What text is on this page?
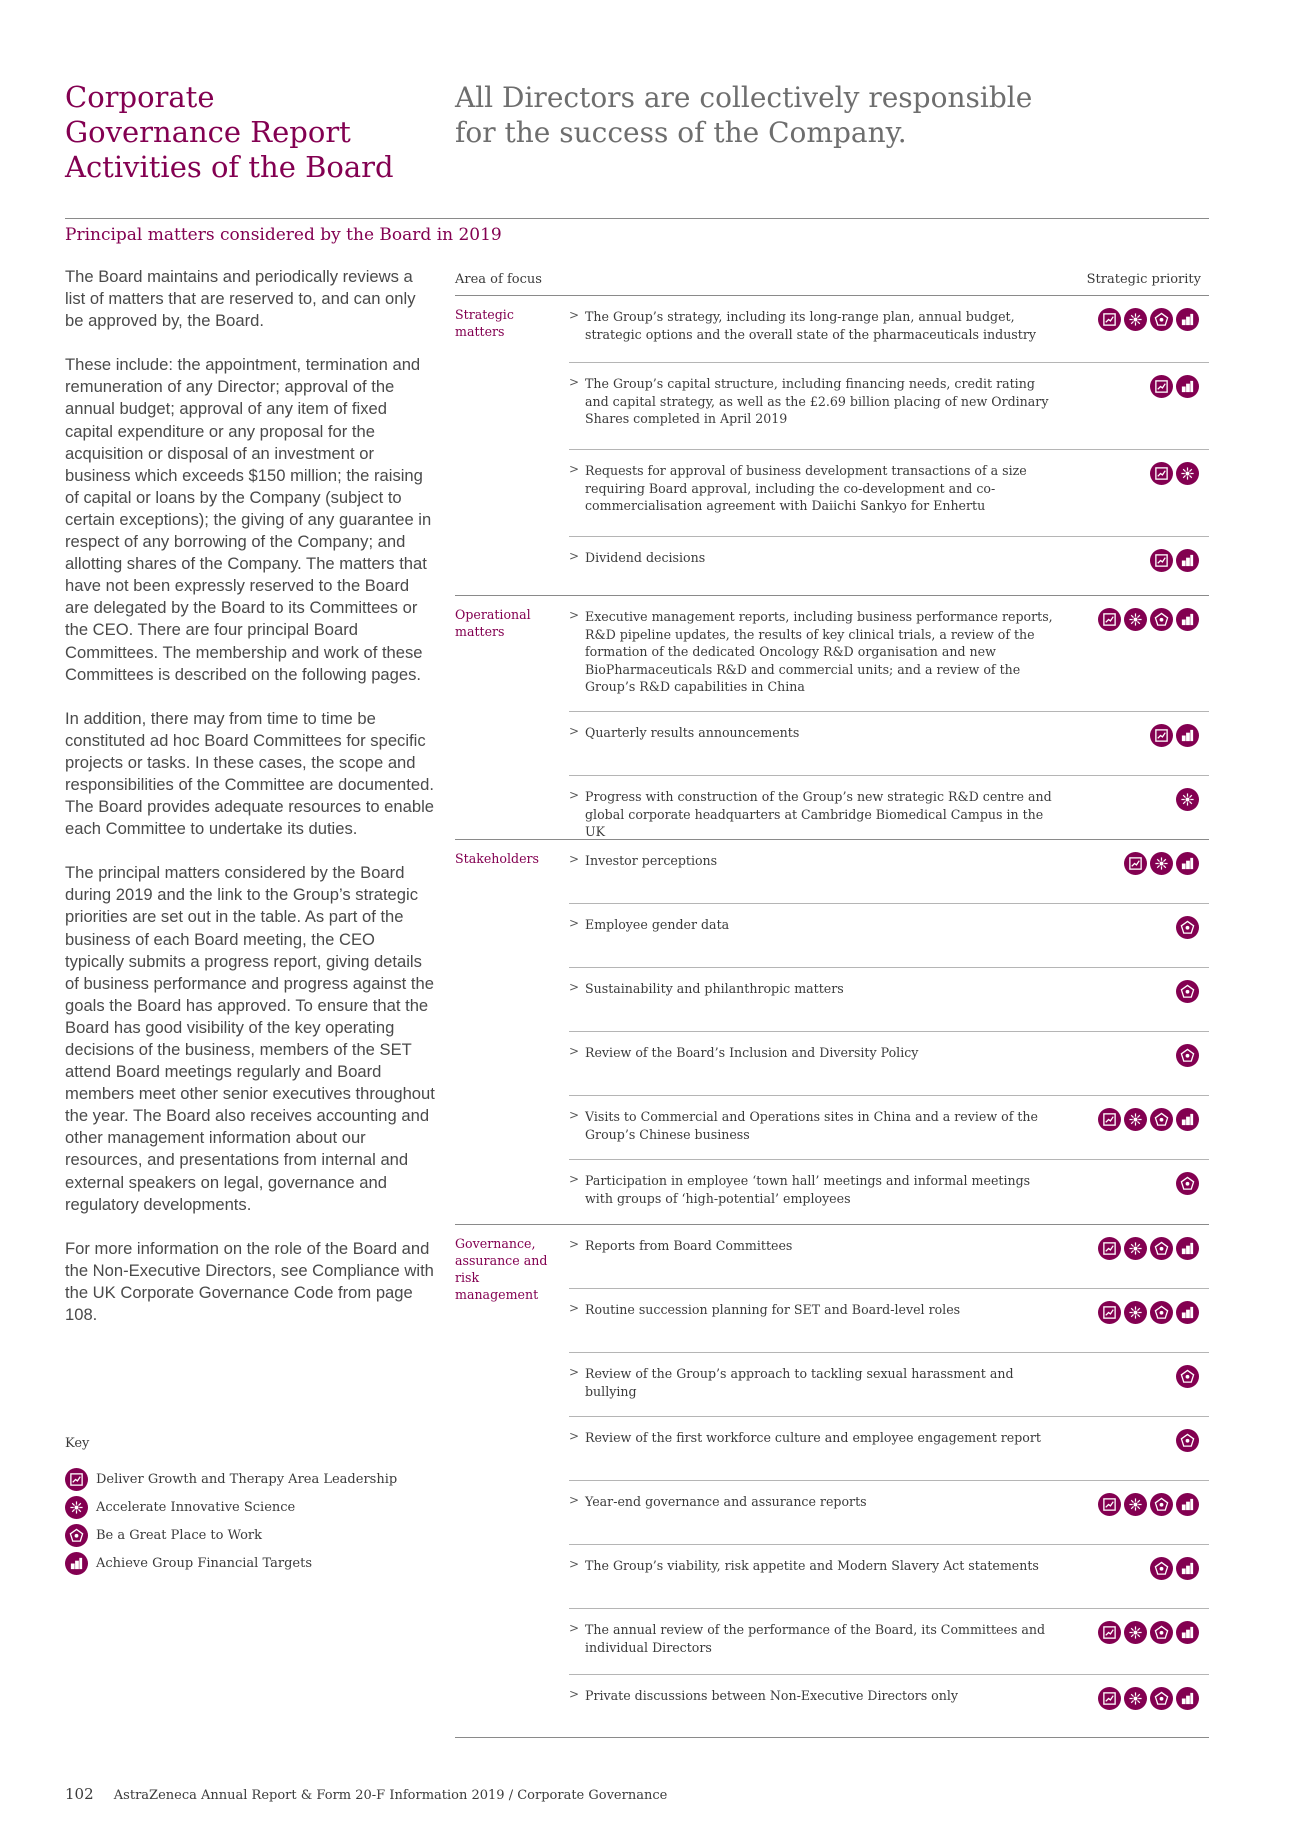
Corporate
Governance Report
Activities of the Board
All Directors are collectively responsible
for the success of the Company.
Principal matters considered by the Board in 2019

The Board maintains and periodically reviews a list of matters that are reserved to, and can only be approved by, the Board.

These include: the appointment, termination and remuneration of any Director; approval of the annual budget; approval of any item of fixed capital expenditure or any proposal for the acquisition or disposal of an investment or business which exceeds $150 million; the raising of capital or loans by the Company (subject to certain exceptions); the giving of any guarantee in respect of any borrowing of the Company; and allotting shares of the Company. The matters that have not been expressly reserved to the Board are delegated by the Board to its Committees or the CEO. There are four principal Board Committees. The membership and work of these Committees is described on the following pages.

In addition, there may from time to time be constituted ad hoc Board Committees for specific projects or tasks. In these cases, the scope and responsibilities of the Committee are documented. The Board provides adequate resources to enable each Committee to undertake its duties.

The principal matters considered by the Board during 2019 and the link to the Group’s strategic priorities are set out in the table. As part of the business of each Board meeting, the CEO typically submits a progress report, giving details of business performance and progress against the goals the Board has approved. To ensure that the Board has good visibility of the key operating decisions of the business, members of the SET attend Board meetings regularly and Board members meet other senior executives throughout the year. The Board also receives accounting and other management information about our resources, and presentations from internal and external speakers on legal, governance and regulatory developments.

For more information on the role of the Board and the Non-Executive Directors, see Compliance with the UK Corporate Governance Code from page 108.

Key
Deliver Growth and Therapy Area Leadership
Accelerate Innovative Science
Be a Great Place to Work
Achieve Group Financial Targets
Area of focus	Strategic priority
Strategic matters
> The Group’s strategy, including its long-range plan, annual budget, strategic options and the overall state of the pharmaceuticals industry
> The Group’s capital structure, including financing needs, credit rating and capital strategy, as well as the £2.69 billion placing of new Ordinary Shares completed in April 2019
> Requests for approval of business development transactions of a size requiring Board approval, including the co-development and co-commercialisation agreement with Daiichi Sankyo for Enhertu
> Dividend decisions
Operational matters
> Executive management reports, including business performance reports, R&D pipeline updates, the results of key clinical trials, a review of the formation of the dedicated Oncology R&D organisation and new BioPharmaceuticals R&D and commercial units; and a review of the Group’s R&D capabilities in China
> Quarterly results announcements
> Progress with construction of the Group’s new strategic R&D centre and global corporate headquarters at Cambridge Biomedical Campus in the UK
Stakeholders	> Investor perceptions
> Employee gender data
> Sustainability and philanthropic matters
> Review of the Board’s Inclusion and Diversity Policy
> Visits to Commercial and Operations sites in China and a review of the Group’s Chinese business
> Participation in employee ‘town hall’ meetings and informal meetings with groups of ‘high-potential’ employees
Governance, assurance and risk management
> Reports from Board Committees
> Routine succession planning for SET and Board-level roles
> Review of the Group’s approach to tackling sexual harassment and bullying
> Review of the first workforce culture and employee engagement report
> Year-end governance and assurance reports
> The Group’s viability, risk appetite and Modern Slavery Act statements
> The annual review of the performance of the Board, its Committees and individual Directors
> Private discussions between Non-Executive Directors only
102 AstraZeneca Annual Report & Form 20-F Information 2019 / Corporate Governance
